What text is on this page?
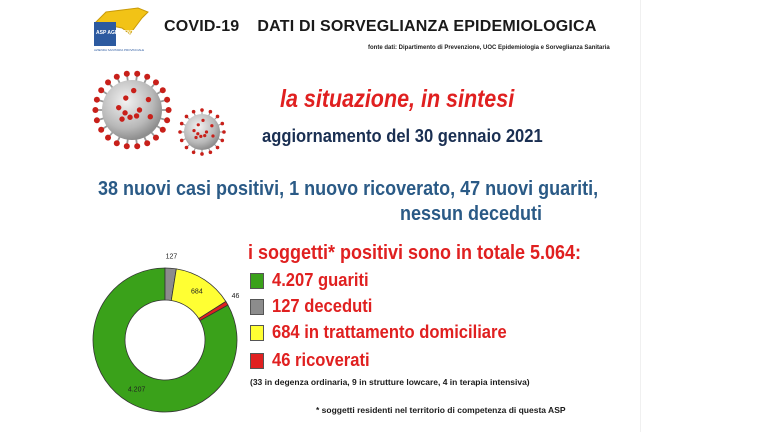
ASP AGRIGENTO
AZIENDA SANITARIA PROVINCIALE
COVID-19 DATI DI SORVEGLIANZA EPIDEMIOLOGICA
fonte dati: Dipartimento di Prevenzione, UOC Epidemiologia e Sorveglianza Sanitaria
la situazione, in sintesi
aggiornamento del 30 gennaio 2021
38 nuovi casi positivi, 1 nuovo ricoverato, 47 nuovi guariti,
nessun deceduti
4.207
127
684
46
i soggetti* positivi sono in totale 5.064:
4.207 guariti
127 deceduti
684 in trattamento domiciliare
46 ricoverati
(33 in degenza ordinaria, 9 in strutture lowcare, 4 in terapia intensiva)
* soggetti residenti nel territorio di competenza di questa ASP
